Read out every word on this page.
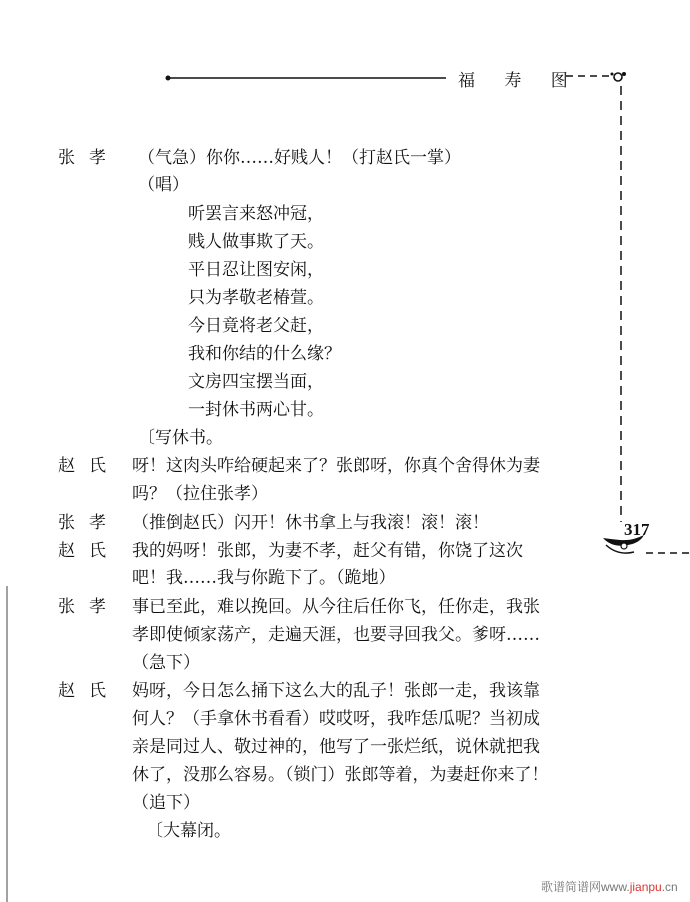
福 寿 图
317
张孝 （气急）你你……好贱人！（打赵氏一掌）
（唱）
听罢言来怒冲冠，
贱人做事欺了天。
平日忍让图安闲，
只为孝敬老椿萱。
今日竟将老父赶，
我和你结的什么缘？
文房四宝摆当面，
一封休书两心甘。
〔写休书。
赵氏 呀！这肉头咋给硬起来了？张郎呀，你真个舍得休为妻
吗？（拉住张孝）
张孝 （推倒赵氏）闪开！休书拿上与我滚！滚！滚！
赵氏 我的妈呀！张郎，为妻不孝，赶父有错，你饶了这次
吧！我……我与你跪下了。（跪地）
张孝 事已至此，难以挽回。从今往后任你飞，任你走，我张
孝即使倾家荡产，走遍天涯，也要寻回我父。爹呀……
（急下）
赵氏 妈呀，今日怎么捅下这么大的乱子！张郎一走，我该靠
何人？（手拿休书看看）哎哎呀，我咋恁瓜呢？当初成
亲是同过人、敬过神的，他写了一张烂纸，说休就把我
休了，没那么容易。（锁门）张郎等着，为妻赶你来了！
（追下）
〔大幕闭。
歌谱简谱网www.jianpu.cn
